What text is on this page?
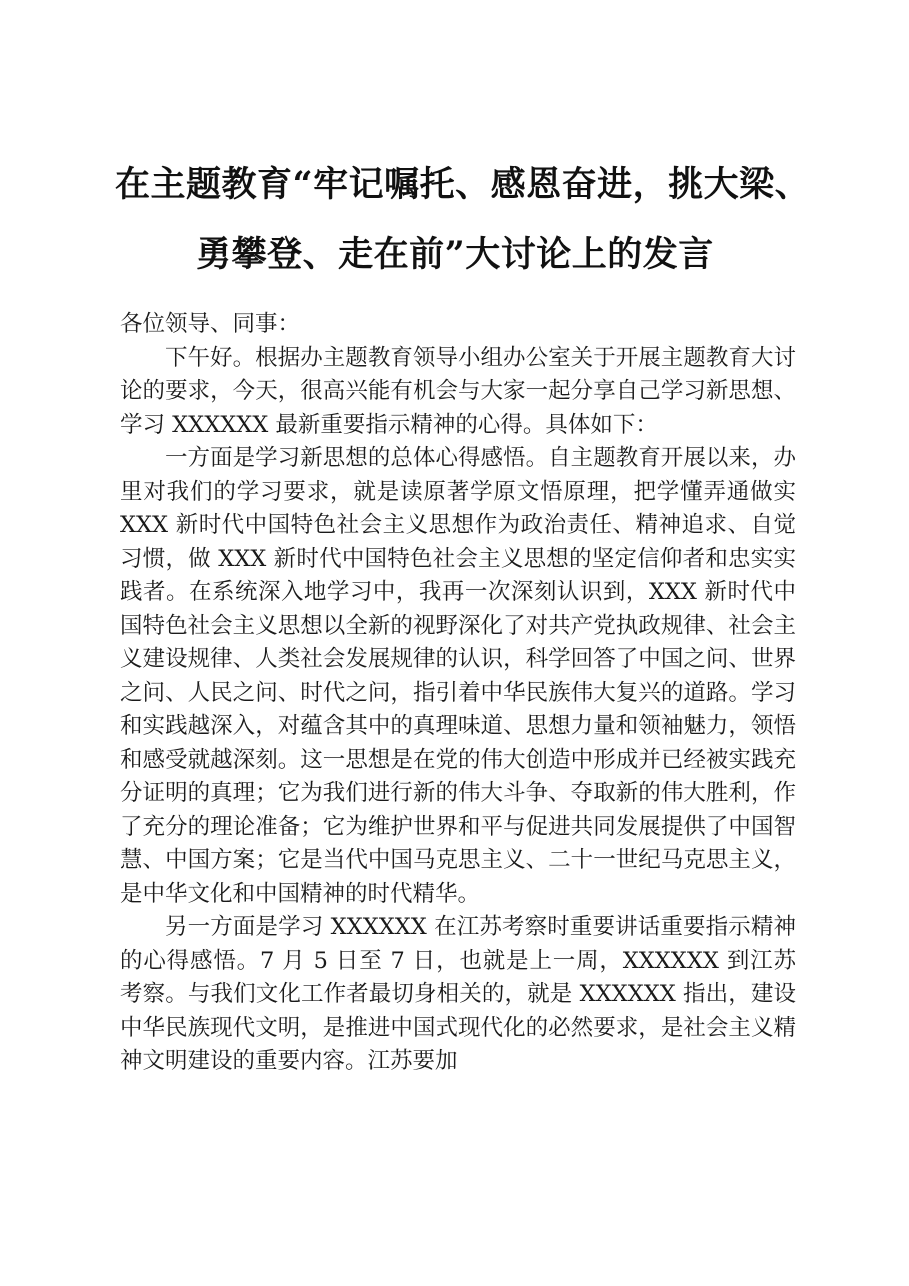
在主题教育“牢记嘱托、感恩奋进，挑大梁、
勇攀登、走在前”大讨论上的发言

各位领导、同事：

下午好。根据办主题教育领导小组办公室关于开展主题教育大讨论的要求，今天，很高兴能有机会与大家一起分享自己学习新思想、学习 XXXXXX 最新重要指示精神的心得。具体如下：

一方面是学习新思想的总体心得感悟。自主题教育开展以来，办里对我们的学习要求，就是读原著学原文悟原理，把学懂弄通做实 XXX 新时代中国特色社会主义思想作为政治责任、精神追求、自觉习惯，做 XXX 新时代中国特色社会主义思想的坚定信仰者和忠实实践者。在系统深入地学习中，我再一次深刻认识到，XXX 新时代中国特色社会主义思想以全新的视野深化了对共产党执政规律、社会主义建设规律、人类社会发展规律的认识，科学回答了中国之问、世界之问、人民之问、时代之问，指引着中华民族伟大复兴的道路。学习和实践越深入，对蕴含其中的真理味道、思想力量和领袖魅力，领悟和感受就越深刻。这一思想是在党的伟大创造中形成并已经被实践充分证明的真理；它为我们进行新的伟大斗争、夺取新的伟大胜利，作了充分的理论准备；它为维护世界和平与促进共同发展提供了中国智慧、中国方案；它是当代中国马克思主义、二十一世纪马克思主义，是中华文化和中国精神的时代精华。

另一方面是学习 XXXXXX 在江苏考察时重要讲话重要指示精神的心得感悟。7 月 5 日至 7 日，也就是上一周，XXXXXX 到江苏考察。与我们文化工作者最切身相关的，就是 XXXXXX 指出，建设中华民族现代文明，是推进中国式现代化的必然要求，是社会主义精神文明建设的重要内容。江苏要加
